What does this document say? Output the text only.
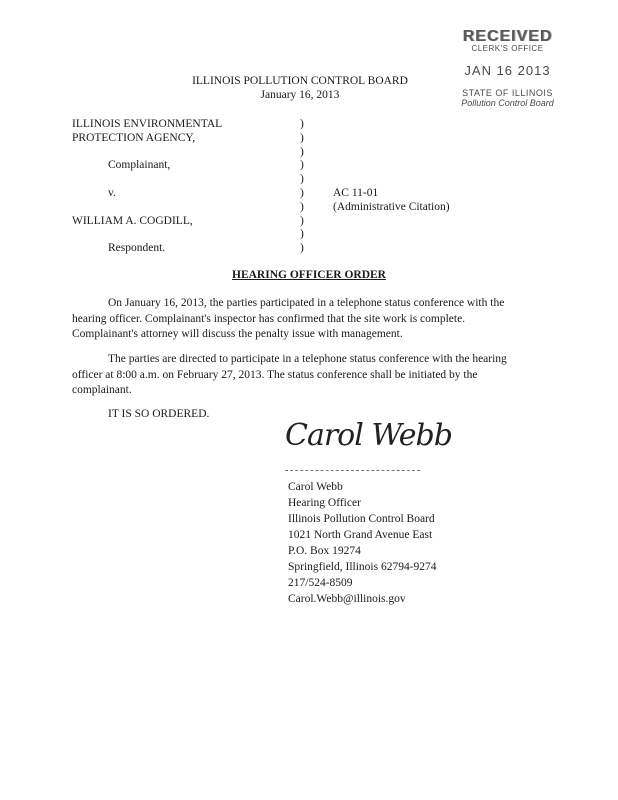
RECEIVED
CLERK'S OFFICE
JAN 16 2013
STATE OF ILLINOIS
Pollution Control Board
ILLINOIS POLLUTION CONTROL BOARD
January 16, 2013
ILLINOIS ENVIRONMENTAL
PROTECTION AGENCY,
Complainant,
v.
WILLIAM A. COGDILL,
Respondent.
)
)
)
)
)
)
)
)
)
)
AC 11-01
(Administrative Citation)
HEARING OFFICER ORDER
On January 16, 2013, the parties participated in a telephone status conference with the hearing officer. Complainant's inspector has confirmed that the site work is complete. Complainant's attorney will discuss the penalty issue with management.
The parties are directed to participate in a telephone status conference with the hearing officer at 8:00 a.m. on February 27, 2013. The status conference shall be initiated by the complainant.
IT IS SO ORDERED.
Carol Webb
Carol Webb
Hearing Officer
Illinois Pollution Control Board
1021 North Grand Avenue East
P.O. Box 19274
Springfield, Illinois 62794-9274
217/524-8509
Carol.Webb@illinois.gov
